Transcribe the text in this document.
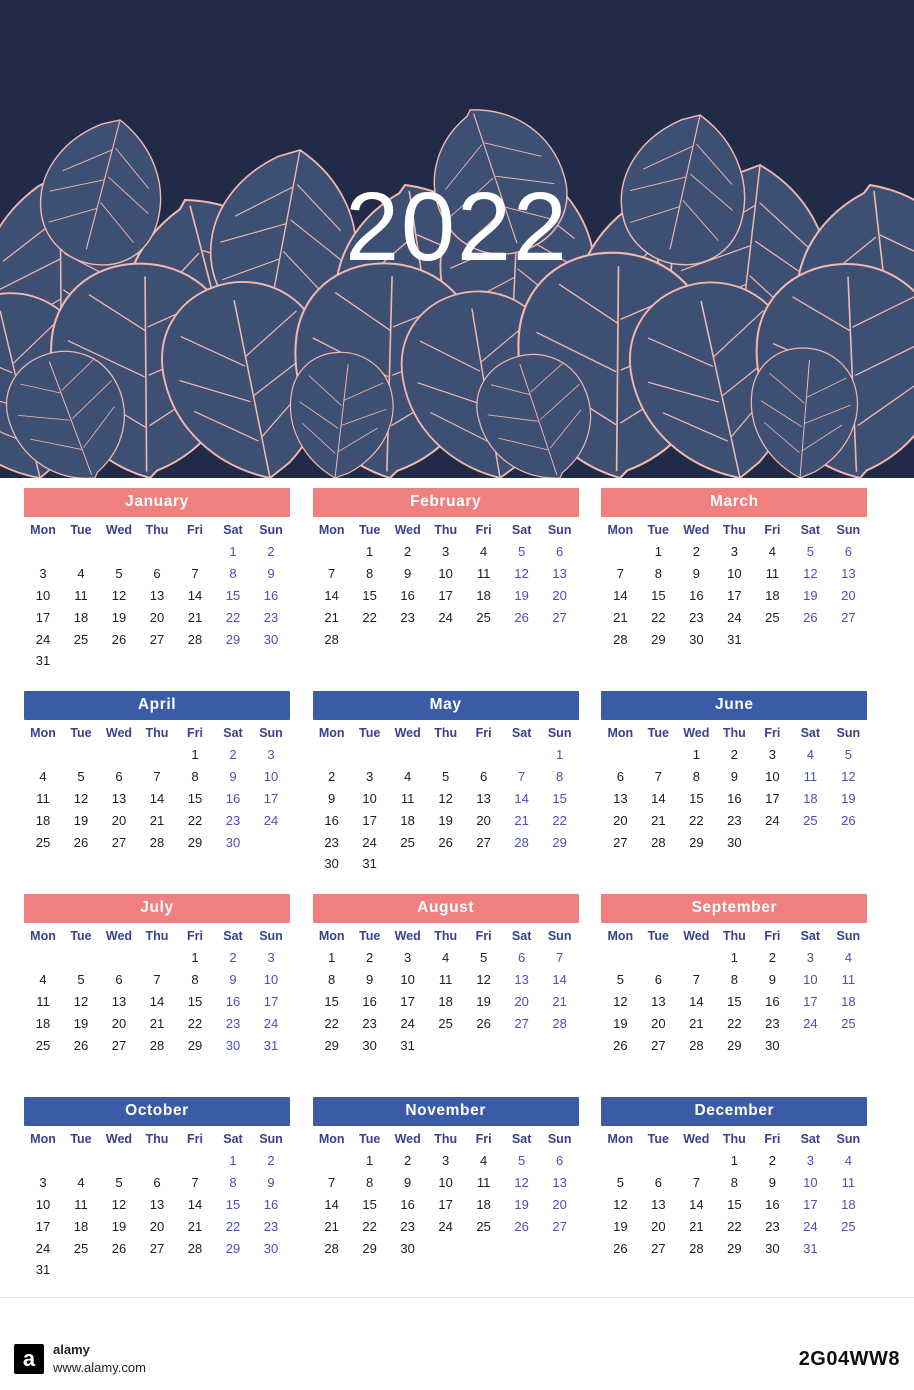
2022
January
Mon	Tue	Wed	Thu	Fri	Sat	Sun
					1	2
3	4	5	6	7	8	9
10	11	12	13	14	15	16
17	18	19	20	21	22	23
24	25	26	27	28	29	30
31						
February
Mon	Tue	Wed	Thu	Fri	Sat	Sun
	1	2	3	4	5	6
7	8	9	10	11	12	13
14	15	16	17	18	19	20
21	22	23	24	25	26	27
28						
March
Mon	Tue	Wed	Thu	Fri	Sat	Sun
	1	2	3	4	5	6
7	8	9	10	11	12	13
14	15	16	17	18	19	20
21	22	23	24	25	26	27
28	29	30	31			
April
Mon	Tue	Wed	Thu	Fri	Sat	Sun
				1	2	3
4	5	6	7	8	9	10
11	12	13	14	15	16	17
18	19	20	21	22	23	24
25	26	27	28	29	30	
May
Mon	Tue	Wed	Thu	Fri	Sat	Sun
						1
2	3	4	5	6	7	8
9	10	11	12	13	14	15
16	17	18	19	20	21	22
23	24	25	26	27	28	29
30	31					
June
Mon	Tue	Wed	Thu	Fri	Sat	Sun
		1	2	3	4	5
6	7	8	9	10	11	12
13	14	15	16	17	18	19
20	21	22	23	24	25	26
27	28	29	30			
July
Mon	Tue	Wed	Thu	Fri	Sat	Sun
				1	2	3
4	5	6	7	8	9	10
11	12	13	14	15	16	17
18	19	20	21	22	23	24
25	26	27	28	29	30	31
August
Mon	Tue	Wed	Thu	Fri	Sat	Sun
1	2	3	4	5	6	7
8	9	10	11	12	13	14
15	16	17	18	19	20	21
22	23	24	25	26	27	28
29	30	31				
September
Mon	Tue	Wed	Thu	Fri	Sat	Sun
			1	2	3	4
5	6	7	8	9	10	11
12	13	14	15	16	17	18
19	20	21	22	23	24	25
26	27	28	29	30		
October
Mon	Tue	Wed	Thu	Fri	Sat	Sun
					1	2
3	4	5	6	7	8	9
10	11	12	13	14	15	16
17	18	19	20	21	22	23
24	25	26	27	28	29	30
31						
November
Mon	Tue	Wed	Thu	Fri	Sat	Sun
	1	2	3	4	5	6
7	8	9	10	11	12	13
14	15	16	17	18	19	20
21	22	23	24	25	26	27
28	29	30				
December
Mon	Tue	Wed	Thu	Fri	Sat	Sun
			1	2	3	4
5	6	7	8	9	10	11
12	13	14	15	16	17	18
19	20	21	22	23	24	25
26	27	28	29	30	31	
a	alamy
www.alamy.com	2G04WW8
